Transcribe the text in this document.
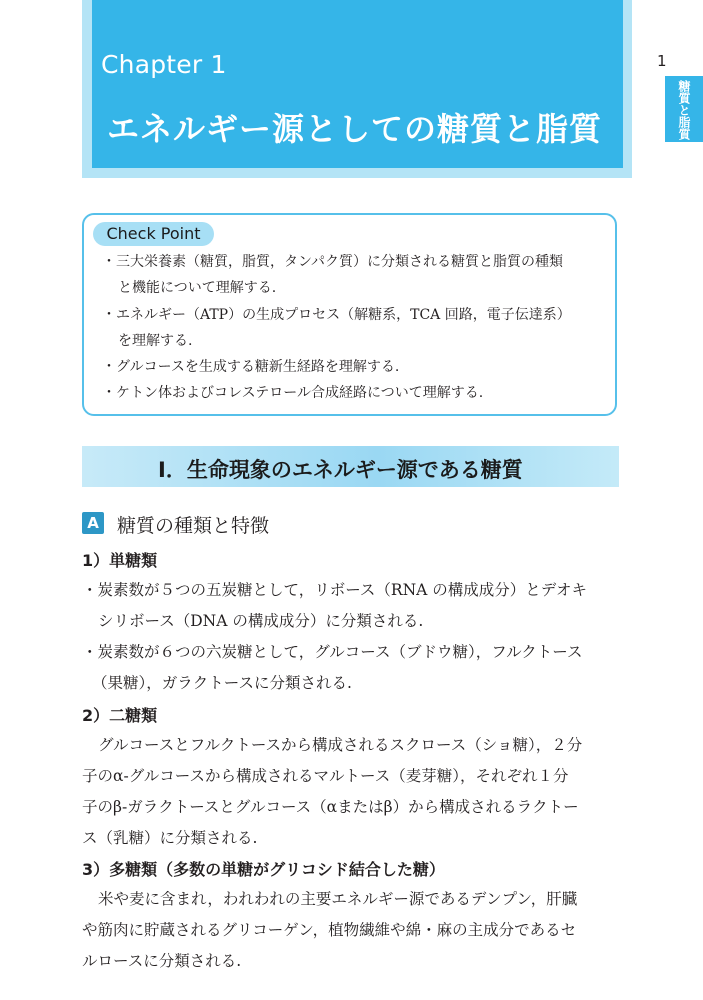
Chapter 1
エネルギー源としての糖質と脂質
1
糖質と脂質
Check Point
・三大栄養素（糖質，脂質，タンパク質）に分類される糖質と脂質の種類
と機能について理解する.
・エネルギー（ATP）の生成プロセス（解糖系，TCA 回路，電子伝達系）
を理解する.
・グルコースを生成する糖新生経路を理解する.
・ケトン体およびコレステロール合成経路について理解する.
Ⅰ．生命現象のエネルギー源である糖質
A 糖質の種類と特徴
1）単糖類
・炭素数が５つの五炭糖として，リボース（RNA の構成成分）とデオキ
シリボース（DNA の構成成分）に分類される.
・炭素数が６つの六炭糖として，グルコース（ブドウ糖），フルクトース
（果糖），ガラクトースに分類される.
2）二糖類
グルコースとフルクトースから構成されるスクロース（ショ糖），２分
子のα-グルコースから構成されるマルトース（麦芽糖），それぞれ１分
子のβ-ガラクトースとグルコース（αまたはβ）から構成されるラクトー
ス（乳糖）に分類される.
3）多糖類（多数の単糖がグリコシド結合した糖）
米や麦に含まれ，われわれの主要エネルギー源であるデンプン，肝臓
や筋肉に貯蔵されるグリコーゲン，植物繊維や綿・麻の主成分であるセ
ルロースに分類される.
